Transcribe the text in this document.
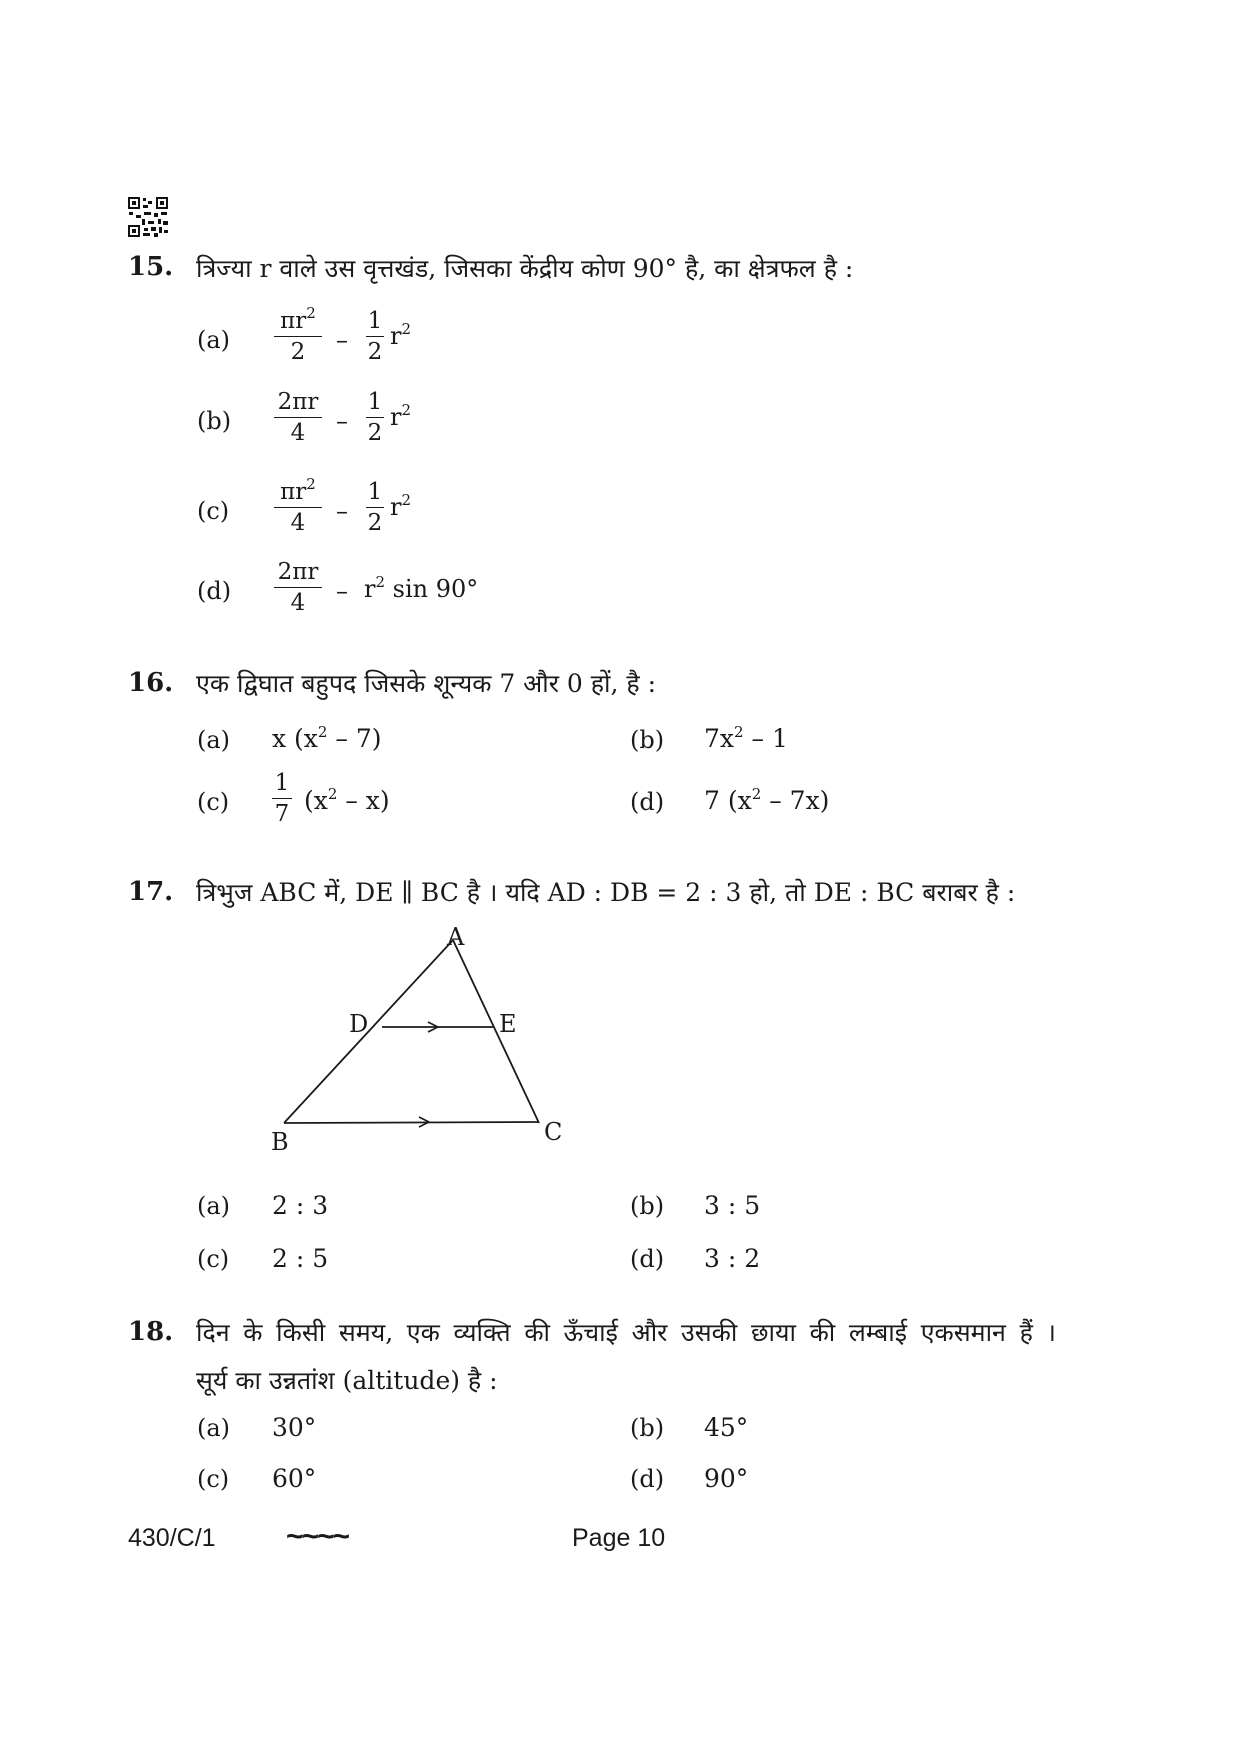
15. त्रिज्या r वाले उस वृत्तखंड, जिसका केंद्रीय कोण 90° है, का क्षेत्रफल है :
(a)
$\pi r^2$
2	–
1
2
$r^2$
(b)
2πr
4	–
1
2
$r^2$
(c)
$\pi r^2$
4	–
1
2
$r^2$
(d)
2πr
4	– $r^2$ sin 90°
16. एक द्विघात बहुपद जिसके शून्यक 7 और 0 हों, है :
(a) x $(x^2 - 7)$	(b) $7x^2 - 1$
(c)
1
7 $(x^2 - x)$	(d) 7 $(x^2 - 7x)$
17. त्रिभुज ABC में, DE ∥ BC है । यदि AD : DB = 2 : 3 हो, तो DE : BC बराबर है :
A
D	E
B	C
(a) 2 : 3	(b) 3 : 5
(c) 2 : 5	(d) 3 : 2
18. दिन के किसी समय, एक व्यक्ति की ऊँचाई और उसकी छाया की लम्बाई एकसमान हैं ।
सूर्य का उन्नतांश (altitude) है :
(a) 30°	(b) 45°
(c) 60°	(d) 90°
430/C/1 ~~~~	Page 10
